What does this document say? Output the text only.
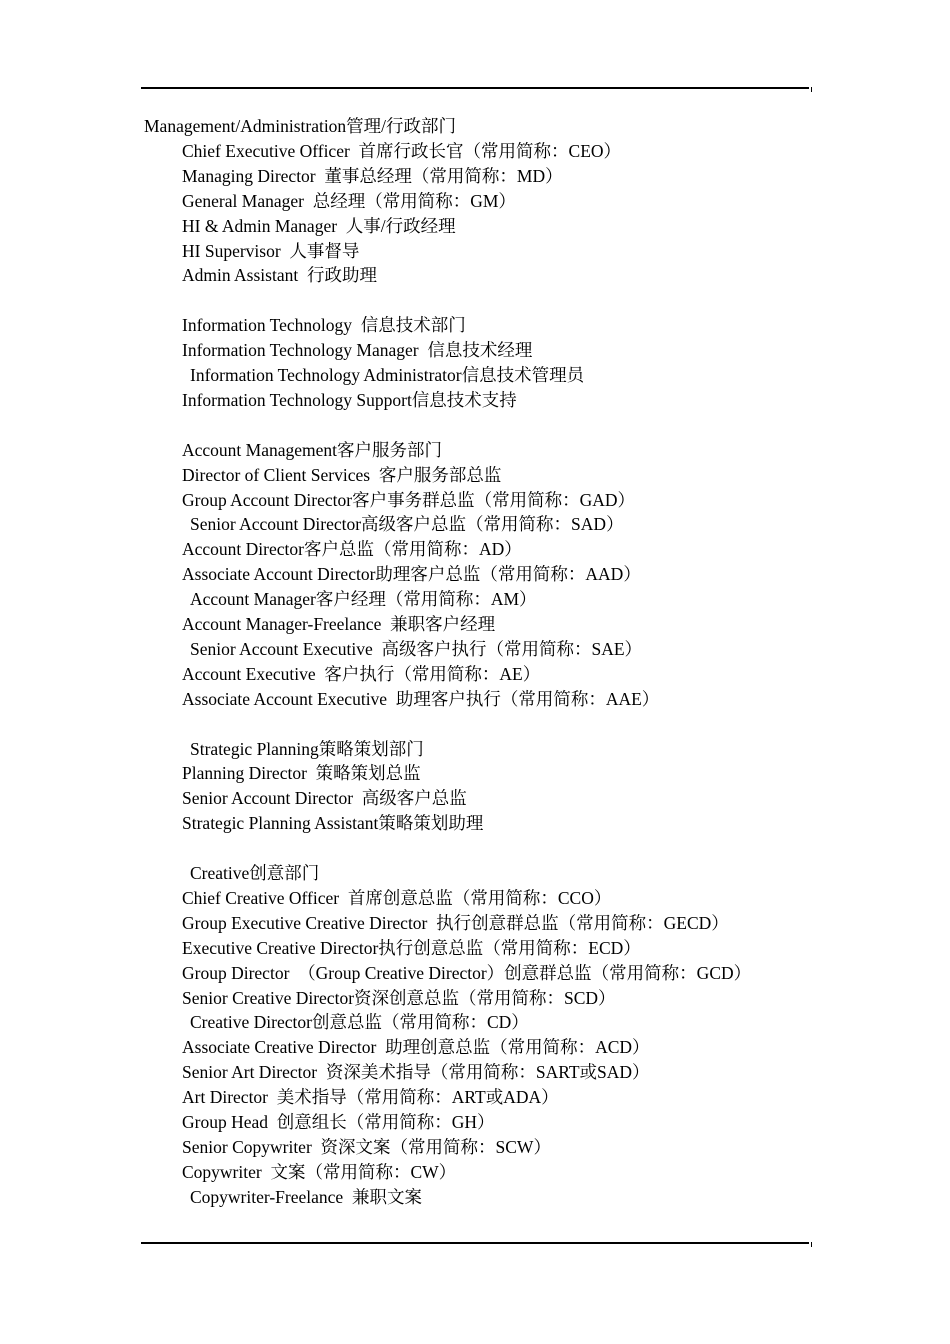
Management/Administration管理/行政部门
Chief Executive Officer  首席行政长官（常用简称：CEO）
Managing Director  董事总经理（常用简称：MD）
General Manager  总经理（常用简称：GM）
HI & Admin Manager  人事/行政经理
HI Supervisor  人事督导
Admin Assistant  行政助理
Information Technology  信息技术部门
Information Technology Manager  信息技术经理
Information Technology Administrator信息技术管理员
Information Technology Support信息技术支持
Account Management客户服务部门
Director of Client Services  客户服务部总监
Group Account Director客户事务群总监（常用简称：GAD）
Senior Account Director高级客户总监（常用简称：SAD）
Account Director客户总监（常用简称：AD）
Associate Account Director助理客户总监（常用简称：AAD）
Account Manager客户经理（常用简称：AM）
Account Manager-Freelance  兼职客户经理
Senior Account Executive  高级客户执行（常用简称：SAE）
Account Executive  客户执行（常用简称：AE）
Associate Account Executive  助理客户执行（常用简称：AAE）
Strategic Planning策略策划部门
Planning Director  策略策划总监
Senior Account Director  高级客户总监
Strategic Planning Assistant策略策划助理
Creative创意部门
Chief Creative Officer  首席创意总监（常用简称：CCO）
Group Executive Creative Director  执行创意群总监（常用简称：GECD）
Executive Creative Director执行创意总监（常用简称：ECD）
Group Director  （Group Creative Director）创意群总监（常用简称：GCD）
Senior Creative Director资深创意总监（常用简称：SCD）
Creative Director创意总监（常用简称：CD）
Associate Creative Director  助理创意总监（常用简称：ACD）
Senior Art Director  资深美术指导（常用简称：SART或SAD）
Art Director  美术指导（常用简称：ART或ADA）
Group Head  创意组长（常用简称：GH）
Senior Copywriter  资深文案（常用简称：SCW）
Copywriter  文案（常用简称：CW）
Copywriter-Freelance  兼职文案
